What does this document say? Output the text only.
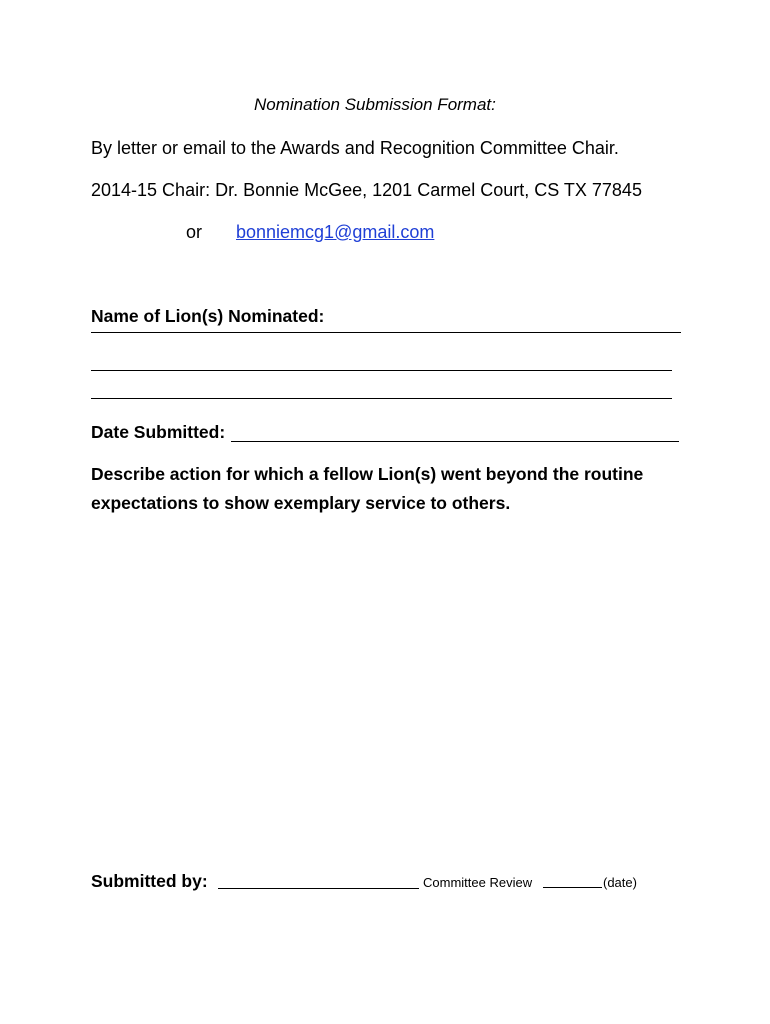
Nomination Submission Format:
By letter or email to the Awards and Recognition Committee Chair.
2014-15 Chair: Dr. Bonnie McGee, 1201 Carmel Court, CS TX 77845
or bonniemcg1@gmail.com
Name of Lion(s) Nominated:
Date Submitted:
Describe action for which a fellow Lion(s) went beyond the routine
expectations to show exemplary service to others.
Submitted by:	Committee Review	(date)
